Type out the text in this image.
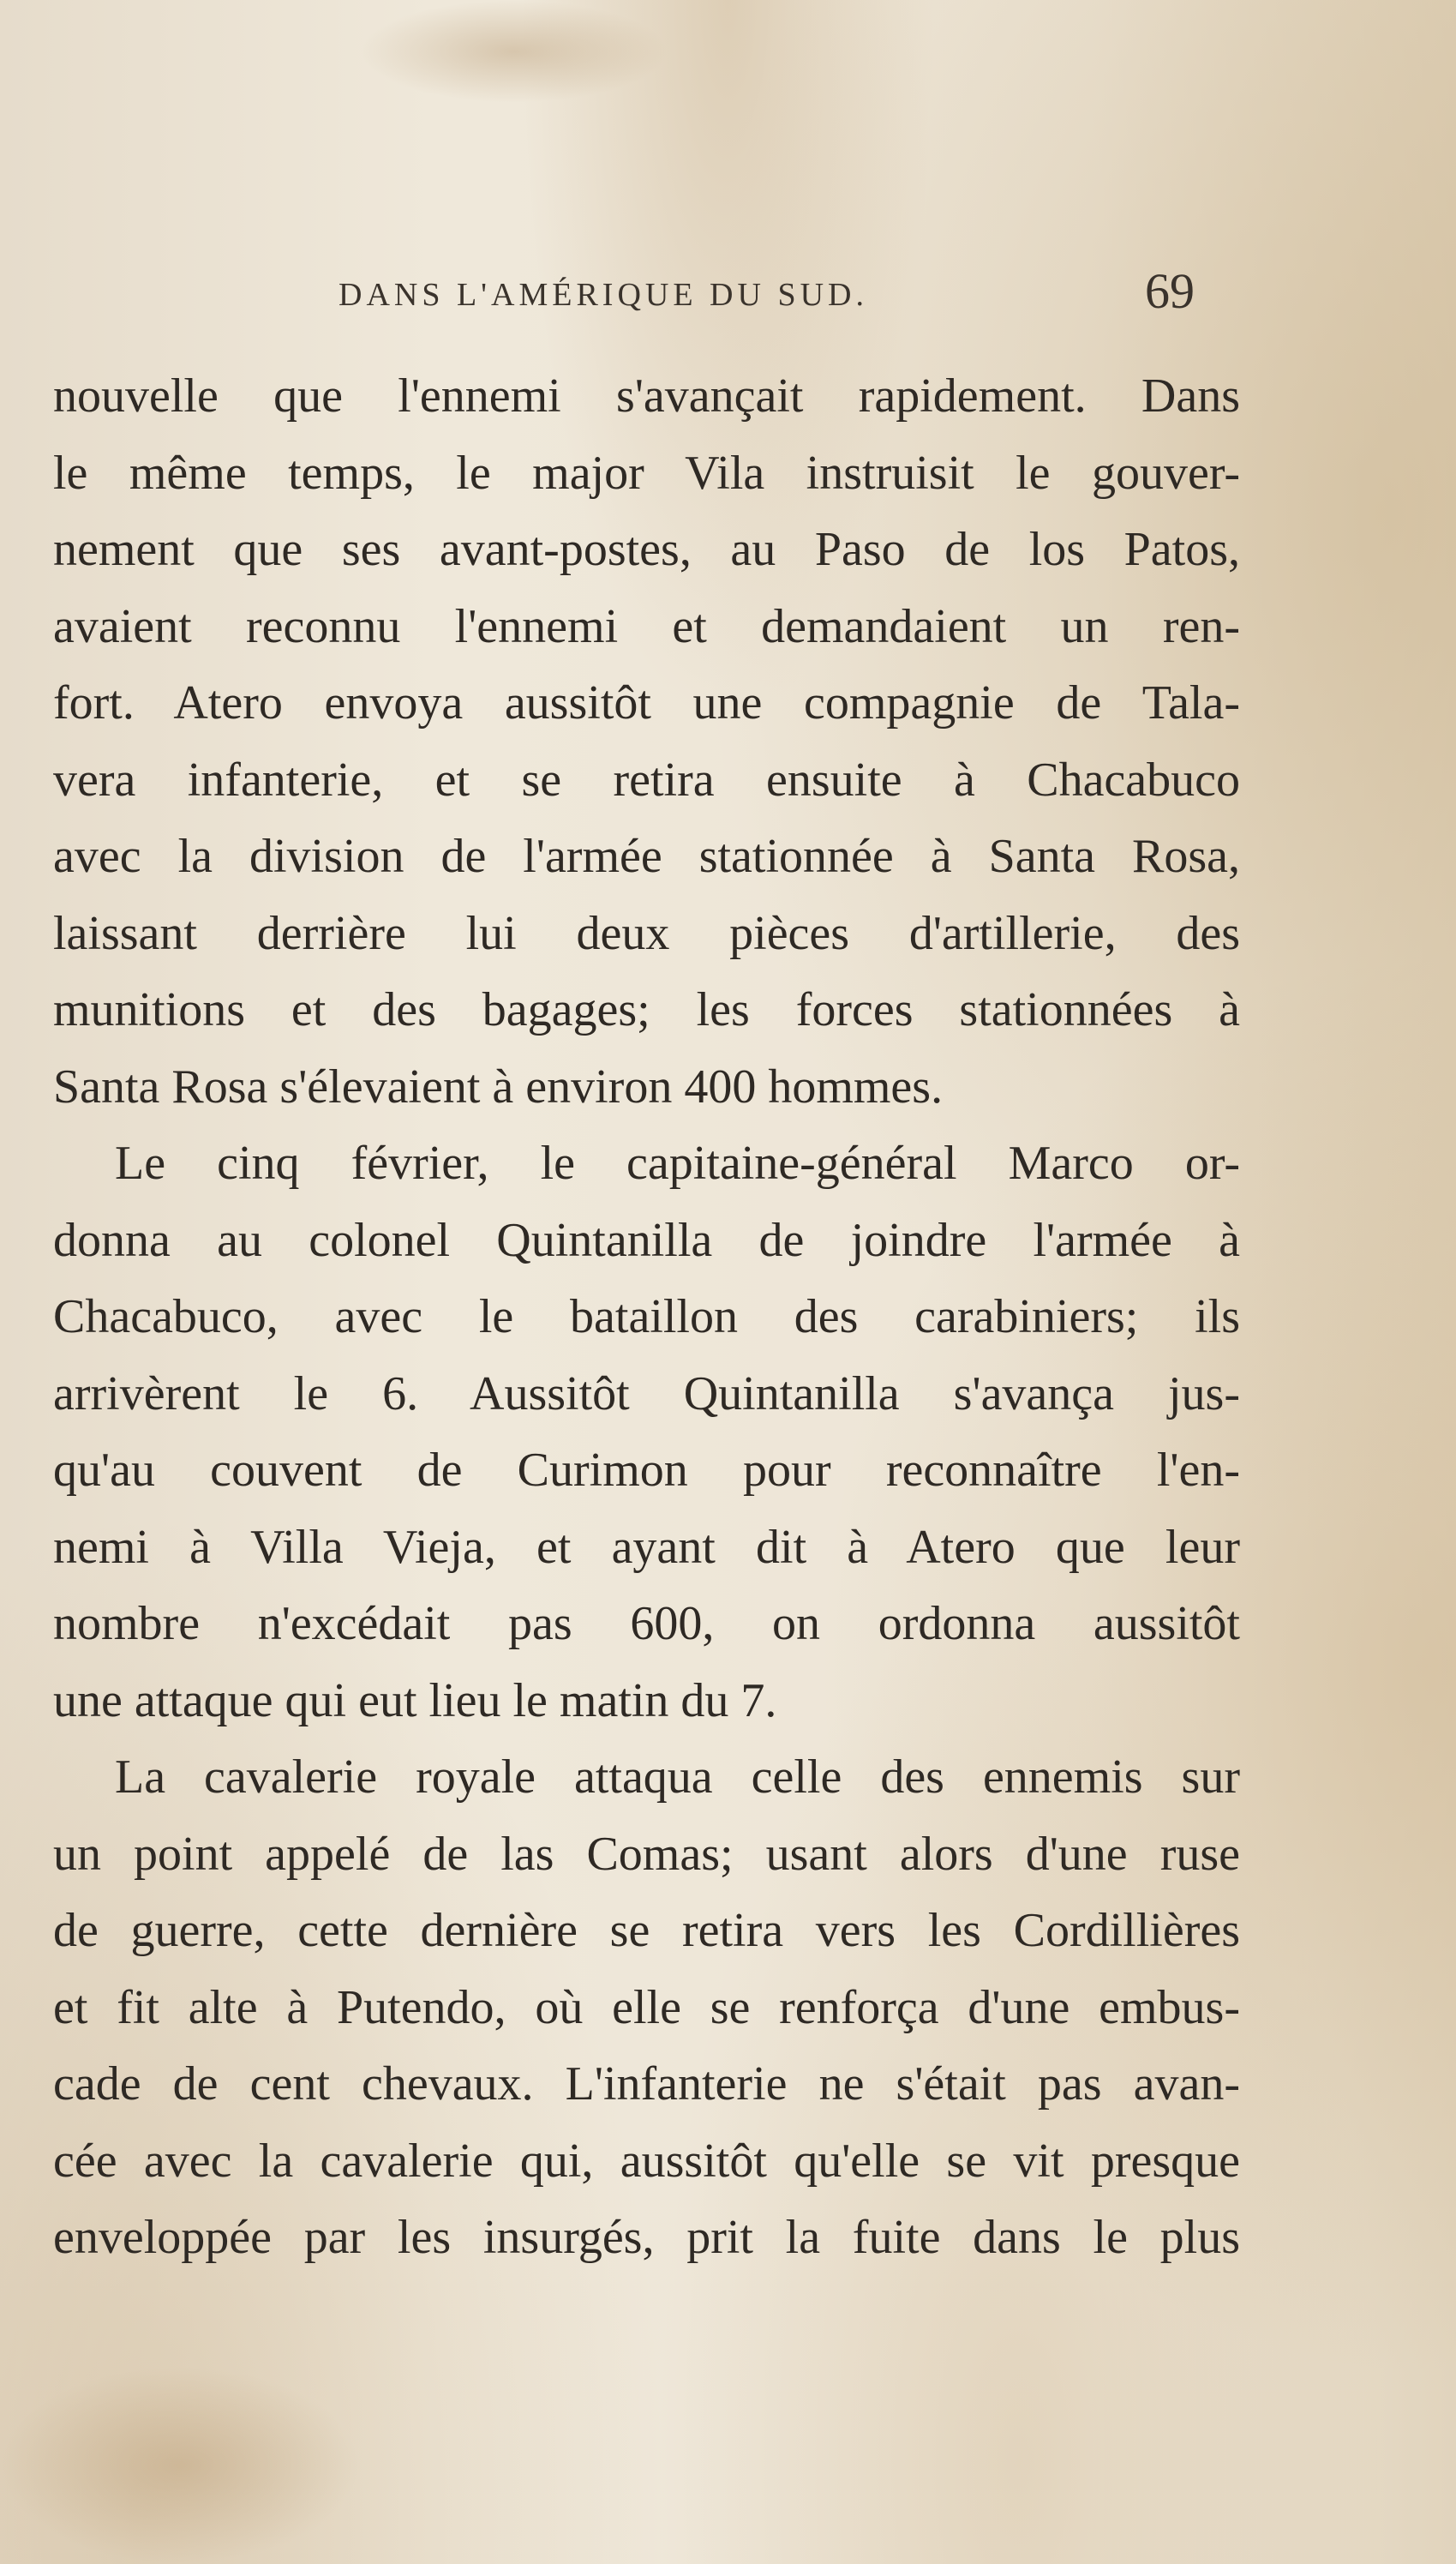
DANS L'AMÉRIQUE DU SUD.	69
nouvelle que l'ennemi s'avançait rapidement. Dans
le même temps, le major Vila instruisit le gouver-
nement que ses avant-postes, au Paso de los Patos,
avaient reconnu l'ennemi et demandaient un ren-
fort. Atero envoya aussitôt une compagnie de Tala-
vera infanterie, et se retira ensuite à Chacabuco
avec la division de l'armée stationnée à Santa Rosa,
laissant derrière lui deux pièces d'artillerie, des
munitions et des bagages; les forces stationnées à
Santa Rosa s'élevaient à environ 400 hommes.
Le cinq février, le capitaine-général Marco or-
donna au colonel Quintanilla de joindre l'armée à
Chacabuco, avec le bataillon des carabiniers; ils
arrivèrent le 6. Aussitôt Quintanilla s'avança jus-
qu'au couvent de Curimon pour reconnaître l'en-
nemi à Villa Vieja, et ayant dit à Atero que leur
nombre n'excédait pas 600, on ordonna aussitôt
une attaque qui eut lieu le matin du 7.
La cavalerie royale attaqua celle des ennemis sur
un point appelé de las Comas; usant alors d'une ruse
de guerre, cette dernière se retira vers les Cordillières
et fit alte à Putendo, où elle se renforça d'une embus-
cade de cent chevaux. L'infanterie ne s'était pas avan-
cée avec la cavalerie qui, aussitôt qu'elle se vit presque
enveloppée par les insurgés, prit la fuite dans le plus
